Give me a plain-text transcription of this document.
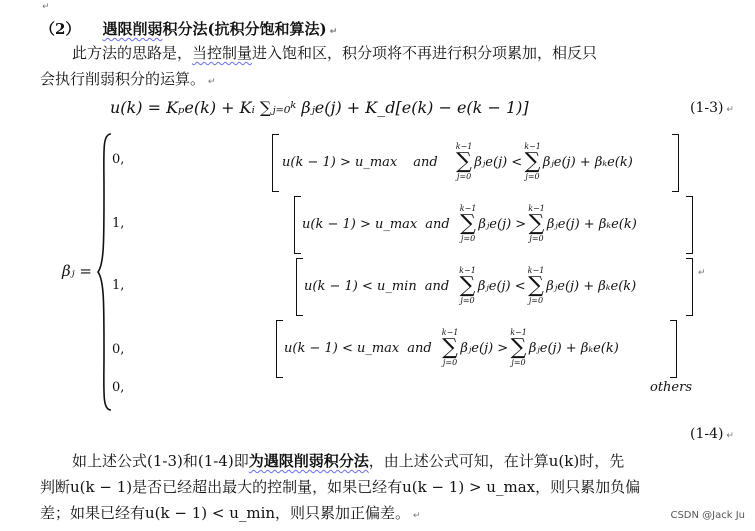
↵
（2） 遇限削弱积分法(抗积分饱和算法) ↵
此方法的思路是，当控制量进入饱和区，积分项将不再进行积分项累加，相反只
会执行削弱积分的运算。 ↵
u(k) = Kₚe(k) + Kᵢ ∑ⱼ₌₀ᵏ βⱼe(j) + K_d[e(k) − e(k − 1)]	(1-3) ↵
βⱼ =
0,
1,
1,
0,
0,
u(k − 1) > u_max and
k−1
∑
j=0
βⱼe(j) <
k−1
∑
j=0
βⱼe(j) + βₖe(k)
u(k − 1) > u_max and
k−1
∑
j=0
βⱼe(j) >
k−1
∑
j=0
βⱼe(j) + βₖe(k)
u(k − 1) < u_min and
k−1
∑
j=0
βⱼe(j) <
k−1
∑
j=0
βⱼe(j) + βₖe(k)
↵
u(k − 1) < u_max and
k−1
∑
j=0
βⱼe(j) >
k−1
∑
j=0
βⱼe(j) + βₖe(k)
others
(1-4) ↵
如上述公式(1-3)和(1-4)即为遇限削弱积分法，由上述公式可知，在计算u(k)时，先
判断u(k − 1)是否已经超出最大的控制量，如果已经有u(k − 1) > u_max，则只累加负偏
差；如果已经有u(k − 1) < u_min，则只累加正偏差。 ↵	CSDN @Jack Ju
